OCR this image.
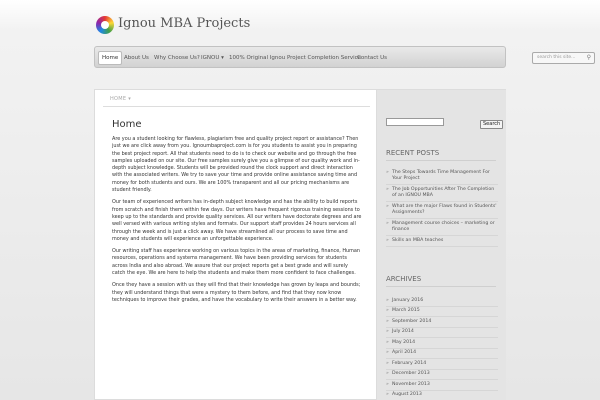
Ignou MBA Projects
Home	About Us Why Choose Us? IGNOU ▾ 100% Original Ignou Project Completion Service
Contact Us	search this site... ⚲
HOME ▾
Home

Are you a student looking for flawless, plagiarism free and quality project report or assistance? Then just we are click away from you. Ignoumbaproject.com is for you students to assist you in preparing the best project report. All that students need to do is to check our website and go through the free samples uploaded on our site. Our free samples surely give you a glimpse of our quality work and in-depth subject knowledge. Students will be provided round the clock support and direct interaction with the associated writers. We try to save your time and provide online assistance saving time and money for both students and ours. We are 100% transparent and all our pricing mechanisms are student friendly.

Our team of experienced writers has in-depth subject knowledge and has the ability to build reports from scratch and finish them within few days. Our writers have frequent rigorous training sessions to keep up to the standards and provide quality services. All our writers have doctorate degrees and are well versed with various writing styles and formats. Our support staff provides 24 hours services all through the week and is just a click away. We have streamlined all our process to save time and money and students will experience an unforgettable experience.

Our writing staff has experience working on various topics in the areas of marketing, finance, Human resources, operations and systems management. We have been providing services for students across India and also abroad. We assure that our project reports get a best grade and will surely catch the eye. We are here to help the students and make them more confident to face challenges.

Once they have a session with us they will find that their knowledge has grown by leaps and bounds; they will understand things that were a mystery to them before, and find that they now know techniques to improve their grades, and have the vocabulary to write their answers in a better way.

Search
RECENT POSTS
» The Steps Towards Time Management For Your Project
» The Job Opportunities After The Completion of an IGNOU MBA
» What are the major Flaws found in Students' Assignments?
» Management course choices – marketing or finance
» Skills an MBA teaches
ARCHIVES
» January 2016
» March 2015
» September 2014
» July 2014
» May 2014
» April 2014
» February 2014
» December 2013
» November 2013
» August 2013
